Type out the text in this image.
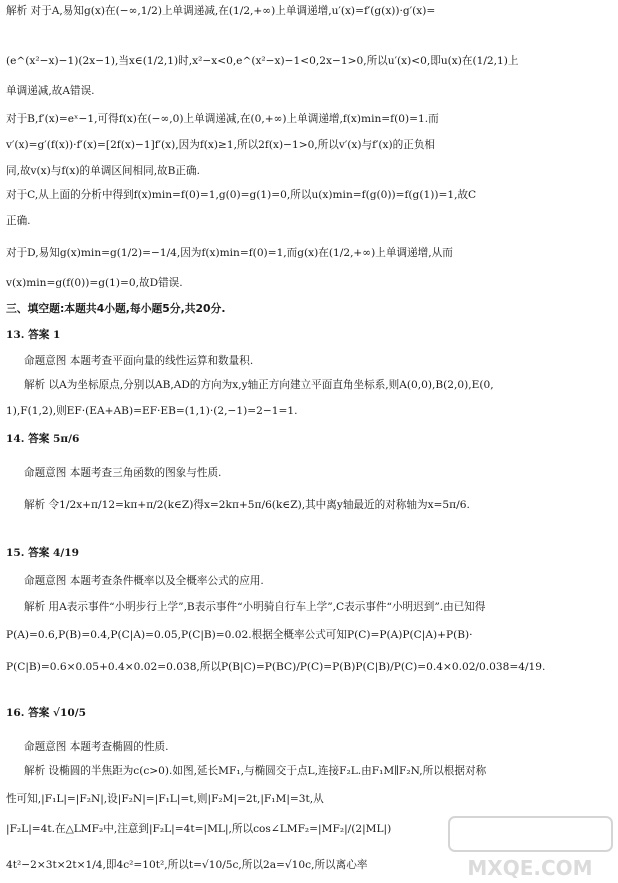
解析 对于A,易知g(x)在(−∞,1/2)上单调递减,在(1/2,+∞)上单调递增,u′(x)=f′(g(x))·g′(x)=
(e^(x²−x)−1)(2x−1),当x∈(1/2,1)时,x²−x<0,e^(x²−x)−1<0,2x−1>0,所以u′(x)<0,即u(x)在(1/2,1)上
单调递减,故A错误.
对于B,f′(x)=eˣ−1,可得f(x)在(−∞,0)上单调递减,在(0,+∞)上单调递增,f(x)min=f(0)=1.而
v′(x)=g′(f(x))·f′(x)=[2f(x)−1]f′(x),因为f(x)≥1,所以2f(x)−1>0,所以v′(x)与f′(x)的正负相
同,故v(x)与f(x)的单调区间相同,故B正确.
对于C,从上面的分析中得到f(x)min=f(0)=1,g(0)=g(1)=0,所以u(x)min=f(g(0))=f(g(1))=1,故C
正确.
对于D,易知g(x)min=g(1/2)=−1/4,因为f(x)min=f(0)=1,而g(x)在(1/2,+∞)上单调递增,从而
v(x)min=g(f(0))=g(1)=0,故D错误.
三、填空题:本题共4小题,每小题5分,共20分.
13. 答案 1
命题意图 本题考查平面向量的线性运算和数量积.
解析 以A为坐标原点,分别以AB,AD的方向为x,y轴正方向建立平面直角坐标系,则A(0,0),B(2,0),E(0,
1),F(1,2),则EF·(EA+AB)=EF·EB=(1,1)·(2,−1)=2−1=1.
14. 答案 5π/6
命题意图 本题考查三角函数的图象与性质.
解析 令1/2x+π/12=kπ+π/2(k∈Z)得x=2kπ+5π/6(k∈Z),其中离y轴最近的对称轴为x=5π/6.
15. 答案 4/19
命题意图 本题考查条件概率以及全概率公式的应用.
解析 用A表示事件“小明步行上学”,B表示事件“小明骑自行车上学”,C表示事件“小明迟到”.由已知得
P(A)=0.6,P(B)=0.4,P(C|A)=0.05,P(C|B)=0.02.根据全概率公式可知P(C)=P(A)P(C|A)+P(B)·
P(C|B)=0.6×0.05+0.4×0.02=0.038,所以P(B|C)=P(BC)/P(C)=P(B)P(C|B)/P(C)=0.4×0.02/0.038=4/19.
16. 答案 √10/5
命题意图 本题考查椭圆的性质.
解析 设椭圆的半焦距为c(c>0).如图,延长MF₁,与椭圆交于点L,连接F₂L.由F₁M∥F₂N,所以根据对称
性可知,|F₁L|=|F₂N|,设|F₂N|=|F₁L|=t,则|F₂M|=2t,|F₁M|=3t,从
|F₂L|=4t.在△LMF₂中,注意到|F₂L|=4t=|ML|,所以cos∠LMF₂=|MF₂|/(2|ML|)
4t²−2×3t×2t×1/4,即4c²=10t²,所以t=√10/5c,所以2a=√10c,所以离心率	MXQE.COM
